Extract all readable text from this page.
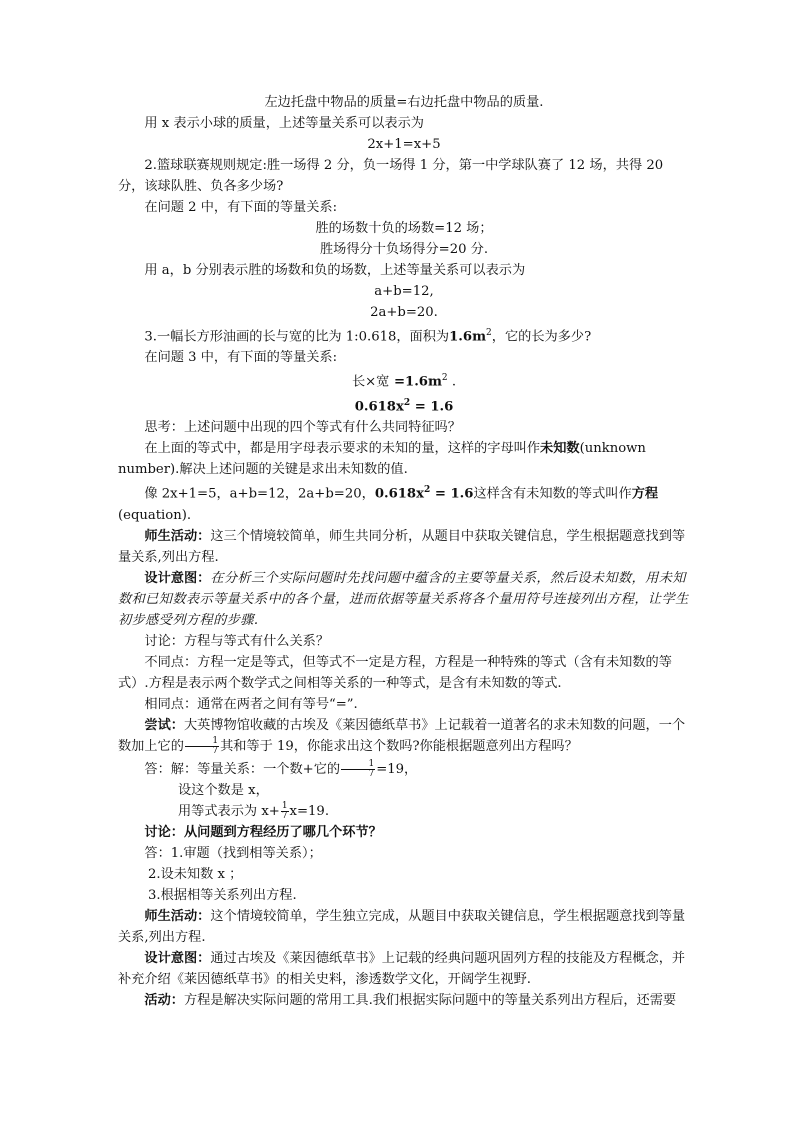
左边托盘中物品的质量=右边托盘中物品的质量.

用 x 表示小球的质量，上述等量关系可以表示为

2x+1=x+5

2.篮球联赛规则规定:胜一场得 2 分，负一场得 1 分，第一中学球队赛了 12 场，共得 20 分，该球队胜、负各多少场?

在问题 2 中，有下面的等量关系:

胜的场数十负的场数=12 场；

胜场得分十负场得分=20 分.

用 a，b 分别表示胜的场数和负的场数，上述等量关系可以表示为

a+b=12,

2a+b=20.

3.一幅长方形油画的长与宽的比为 1:0.618，面积为$1.6m^2$，它的长为多少?

在问题 3 中，有下面的等量关系:

长×宽 $=1.6m^2$ .

$0.618x^2 = 1.6$

思考：上述问题中出现的四个等式有什么共同特征吗？

在上面的等式中，都是用字母表示要求的未知的量，这样的字母叫作未知数(unknown number).解决上述问题的关键是求出未知数的值.

像 2x+1=5，a+b=12，2a+b=20，$0.618x^2 = 1.6$这样含有未知数的等式叫作方程(equation).

师生活动：这三个情境较简单，师生共同分析，从题目中获取关键信息，学生根据题意找到等量关系,列出方程.

设计意图：在分析三个实际问题时先找问题中蕴含的主要等量关系，然后设未知数，用未知数和已知数表示等量关系中的各个量，进而依据等量关系将各个量用符号连接列出方程，让学生初步感受列方程的步骤.

讨论：方程与等式有什么关系？

不同点：方程一定是等式，但等式不一定是方程，方程是一种特殊的等式（含有未知数的等式）.方程是表示两个数学式之间相等关系的一种等式，是含有未知数的等式.

相同点：通常在两者之间有等号“=”.

尝试：大英博物馆收藏的古埃及《莱因德纸草书》上记载着一道著名的求未知数的问题，一个数加上它的 $\frac{1}{7}$ 其和等于 19，你能求出这个数吗?你能根据题意列出方程吗？

答：解：等量关系：一个数+它的 $\frac{1}{7} =19$，

设这个数是 x，

用等式表示为 $x+ \frac{1}{7} x=19$.

讨论：从问题到方程经历了哪几个环节？

答：1.审题（找到相等关系）；

2.设未知数 x ；

3.根据相等关系列出方程.

师生活动：这个情境较简单，学生独立完成，从题目中获取关键信息，学生根据题意找到等量关系,列出方程.

设计意图：通过古埃及《莱因德纸草书》上记载的经典问题巩固列方程的技能及方程概念，并补充介绍《莱因德纸草书》的相关史料，渗透数学文化，开阔学生视野.

活动：方程是解决实际问题的常用工具.我们根据实际问题中的等量关系列出方程后，还需要
